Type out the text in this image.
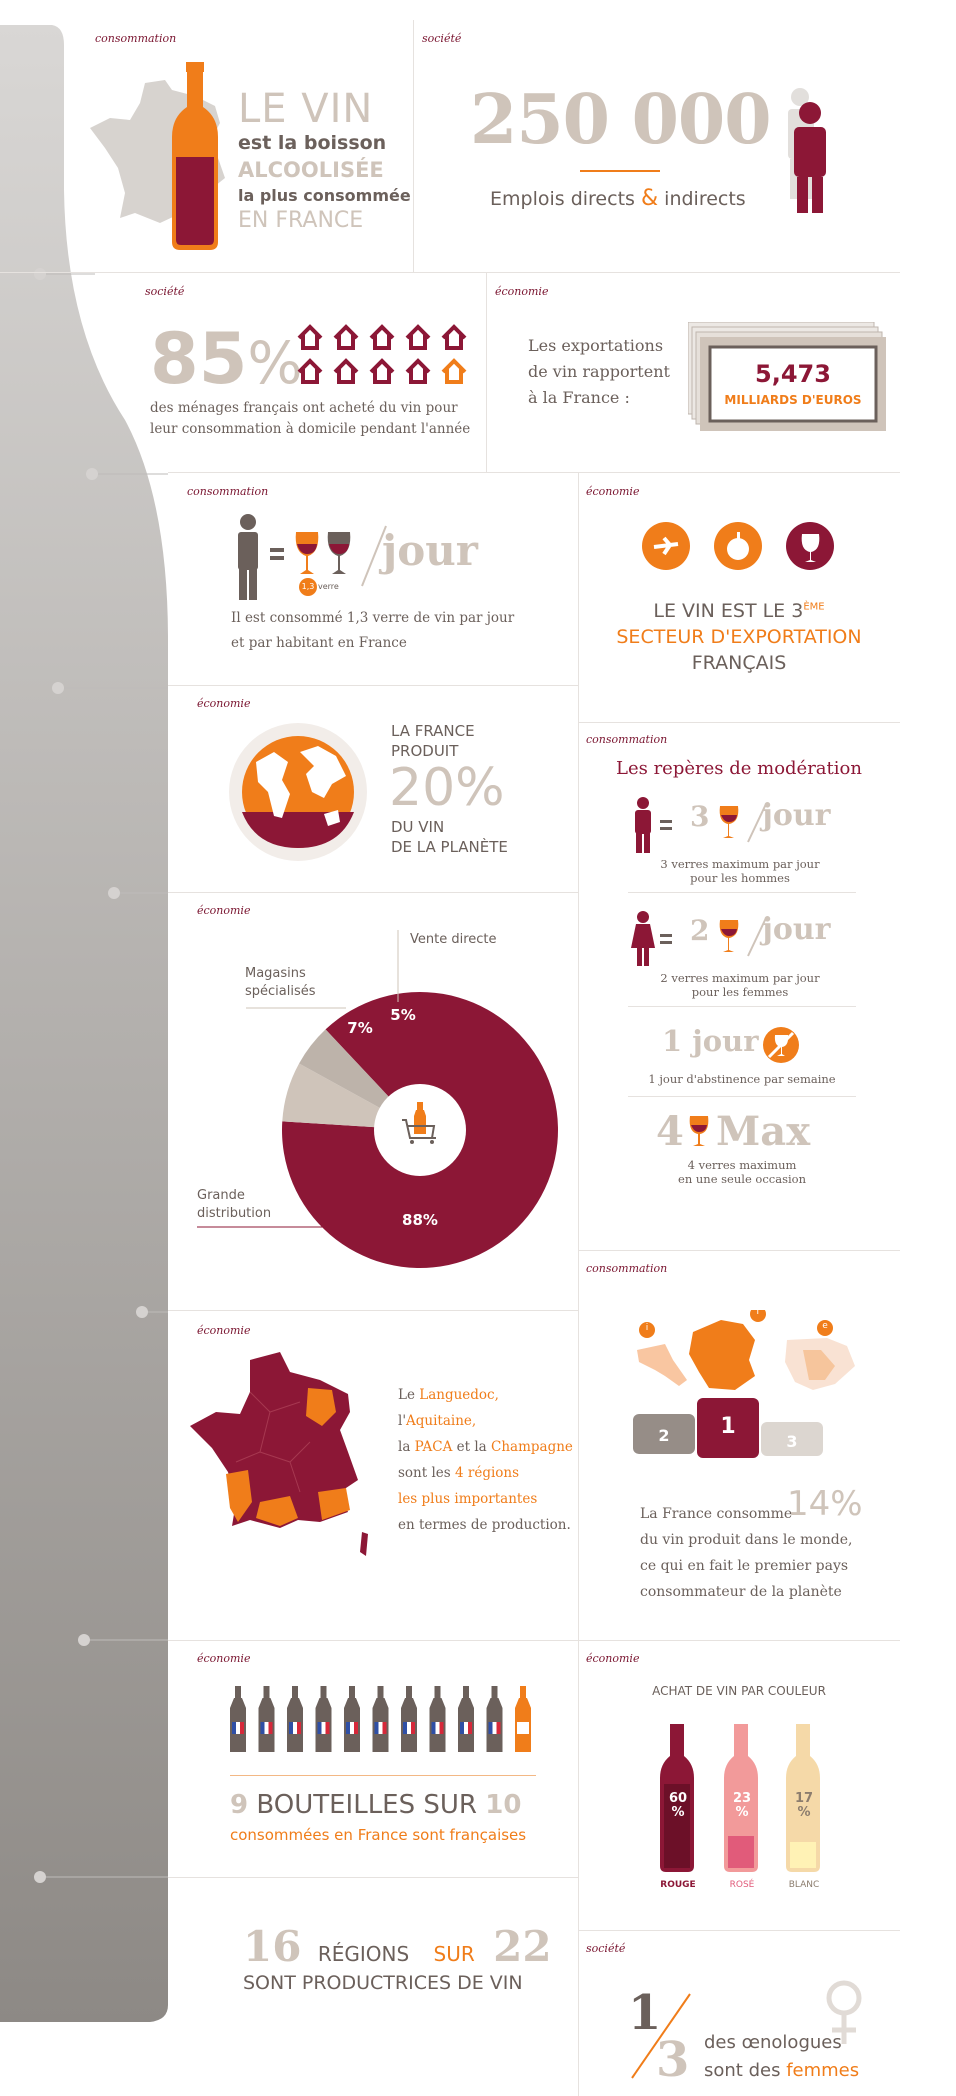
consommation	société
société	économie
consommation	économie
économie
consommation
économie
consommation
économie
économie	économie
société
LE VIN
est la boisson
ALCOOLISÉE
la plus consommée
EN FRANCE
250 000
Emplois directs & indirects
85%
des ménages français ont acheté du vin pour leur consommation à domicile pendant l'année
Les exportations
de vin rapportent
à la France :
5,473
MILLIARDS D'EUROS
1,3 verre
jour
Il est consommé 1,3 verre de vin par jour et par habitant en France
LE VIN EST LE 3ÈME
SECTEUR D'EXPORTATION
FRANÇAIS
LA FRANCE
PRODUIT
20%
DU VIN
DE LA PLANÈTE
Les repères de modération
3 jour
3 verres maximum par jour pour les hommes
2 jour
2 verres maximum par jour pour les femmes
1 jour
1 jour d'abstinence par semaine
4 Max
4 verres maximum
en une seule occasion
88%
7%
5%
Vente directe
Magasins
spécialisés
Grande
distribution
Le Languedoc,
l'Aquitaine,
la PACA et la Champagne
sont les 4 régions
les plus importantes
en termes de production.
i
f
e
2	1
3
La France consomme
14%
du vin produit dans le monde,
ce qui en fait le premier pays
consommateur de la planète
9 BOUTEILLES SUR 10
consommées en France sont françaises
ACHAT DE VIN PAR COULEUR
60 %
23 %
17 %
ROUGE	ROSÉ	BLANC
16 RÉGIONS SUR 22
SONT PRODUCTRICES DE VIN
1
3 des œnologues
sont des femmes
